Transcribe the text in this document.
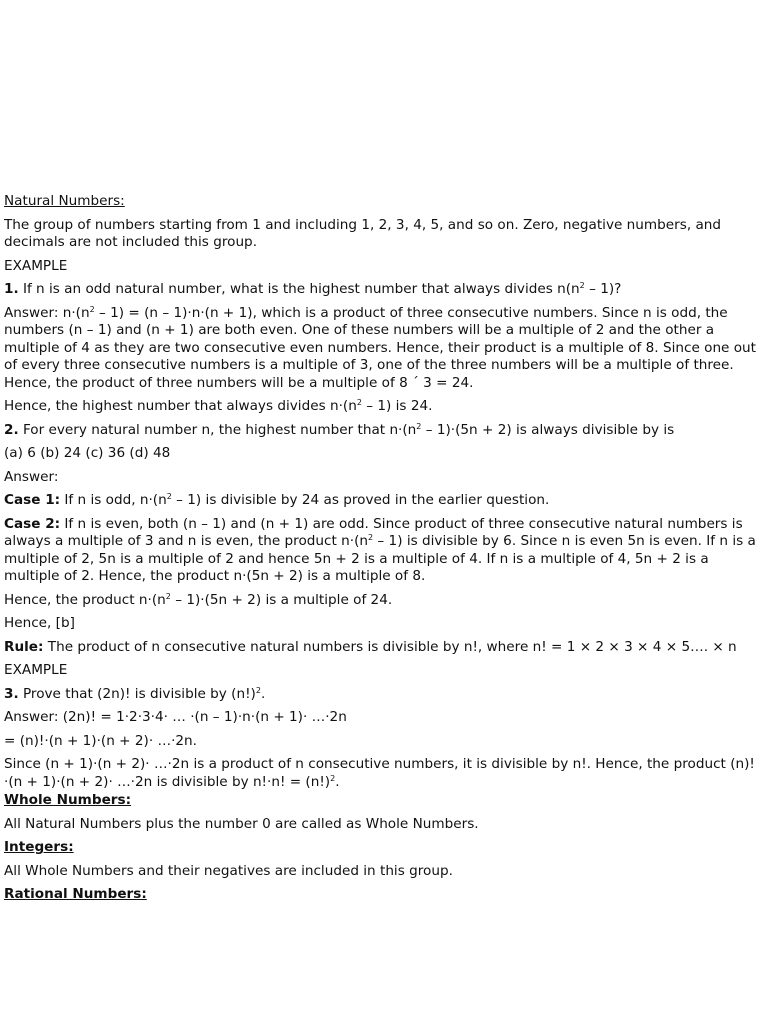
Natural Numbers:

The group of numbers starting from 1 and including 1, 2, 3, 4, 5, and so on. Zero, negative numbers, and decimals are not included this group.

EXAMPLE

1. If n is an odd natural number, what is the highest number that always divides $n(n^2 - 1)$?

Answer: $n\cdot(n^2 - 1) = (n - 1)\cdot n\cdot(n + 1)$, which is a product of three consecutive numbers. Since n is odd, the numbers (n – 1) and (n + 1) are both even. One of these numbers will be a multiple of 2 and the other a multiple of 4 as they are two consecutive even numbers. Hence, their product is a multiple of 8. Since one out of every three consecutive numbers is a multiple of 3, one of the three numbers will be a multiple of three. Hence, the product of three numbers will be a multiple of 8 ´ 3 = 24.

Hence, the highest number that always divides $n\cdot(n^2 - 1)$ is 24.

2. For every natural number n, the highest number that $n\cdot(n^2 - 1)\cdot(5n + 2)$ is always divisible by is

(a) 6 (b) 24 (c) 36 (d) 48

Answer:

Case 1: If n is odd, $n\cdot(n^2 - 1)$ is divisible by 24 as proved in the earlier question.

Case 2: If n is even, both (n – 1) and (n + 1) are odd. Since product of three consecutive natural numbers is always a multiple of 3 and n is even, the product $n\cdot(n^2 - 1)$ is divisible by 6. Since n is even 5n is even. If n is a multiple of 2, 5n is a multiple of 2 and hence 5n + 2 is a multiple of 4. If n is a multiple of 4, 5n + 2 is a multiple of 2. Hence, the product n·(5n + 2) is a multiple of 8.

Hence, the product $n\cdot(n^2 - 1)\cdot(5n + 2)$ is a multiple of 24.

Hence, [b]

Rule: The product of n consecutive natural numbers is divisible by n!, where n! = 1 × 2 × 3 × 4 × 5…. × n

EXAMPLE

3. Prove that (2n)! is divisible by $(n!)^2$.

Answer: (2n)! = 1·2·3·4· … ·(n – 1)·n·(n + 1)· …·2n

= (n)!·(n + 1)·(n + 2)· …·2n.

Since (n + 1)·(n + 2)· …·2n is a product of n consecutive numbers, it is divisible by n!. Hence, the product (n)!·(n + 1)·(n + 2)· …·2n is divisible by n!·n! = $(n!)^2$.

Whole Numbers:

All Natural Numbers plus the number 0 are called as Whole Numbers.

Integers:

All Whole Numbers and their negatives are included in this group.

Rational Numbers:
